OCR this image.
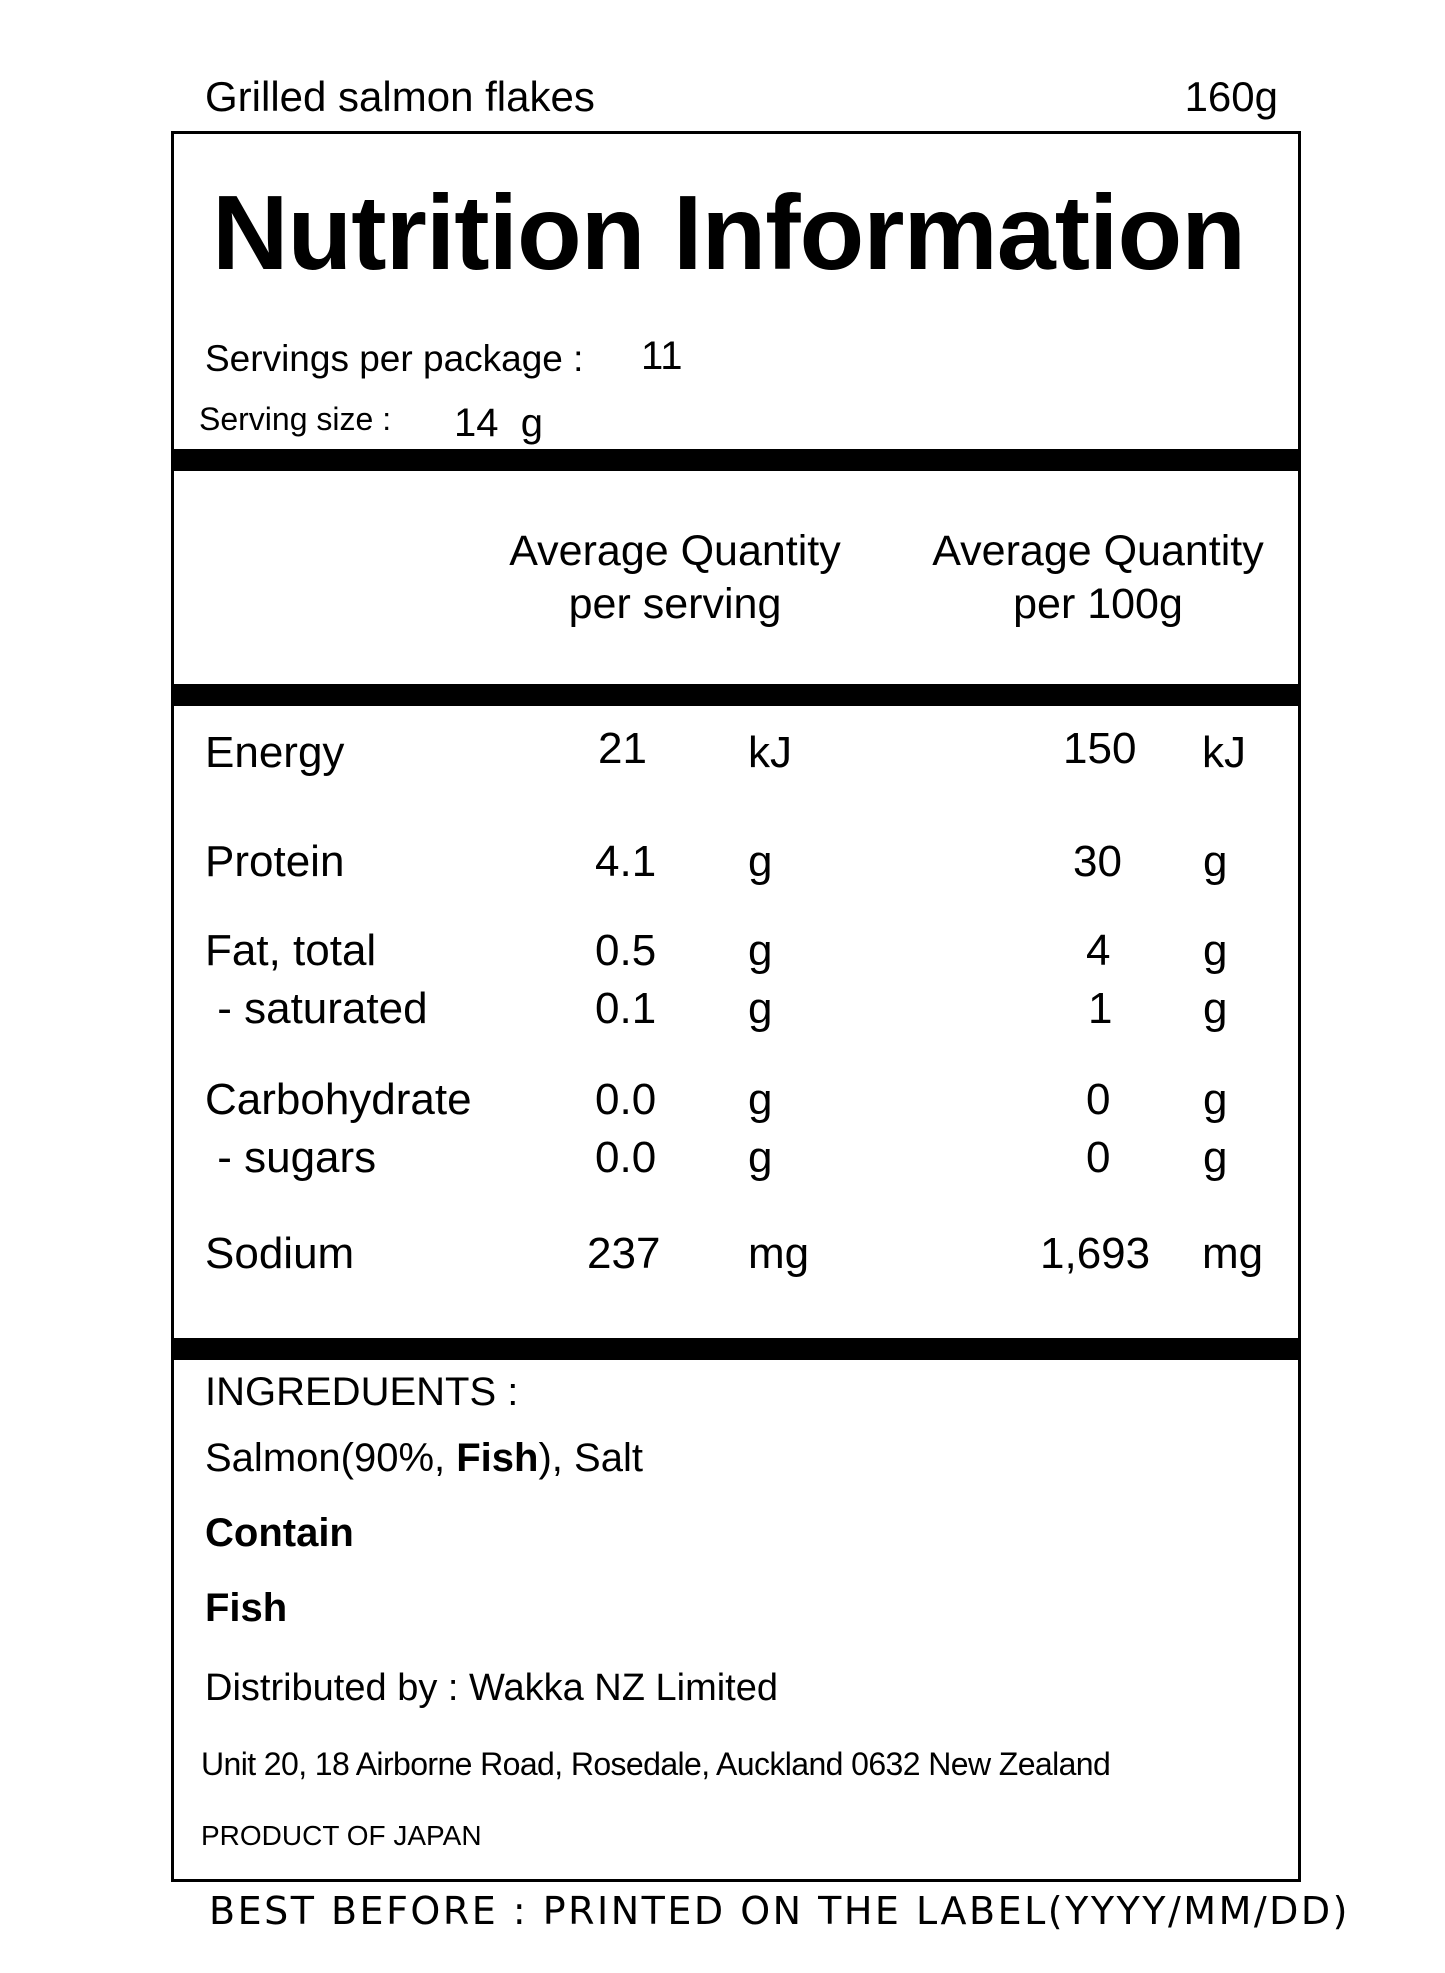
Grilled salmon flakes	160g
Nutrition Information
Servings per package : 11
Serving size : 14  g
Average Quantity
per serving
Average Quantity
per 100g
Energy	21 kJ	150 kJ
Protein	4.1 g	30 g
Fat, total	0.5 g	4 g
- saturated	0.1 g	1 g
Carbohydrate	0.0 g	0 g
- sugars	0.0 g	0 g
Sodium	237 mg	1,693 mg
INGREDUENTS :
Salmon(90%, Fish), Salt
Contain
Fish
Distributed by : Wakka NZ Limited
Unit 20, 18 Airborne Road, Rosedale, Auckland 0632 New Zealand
PRODUCT OF JAPAN
BEST BEFORE : PRINTED ON THE LABEL(YYYY/MM/DD)
